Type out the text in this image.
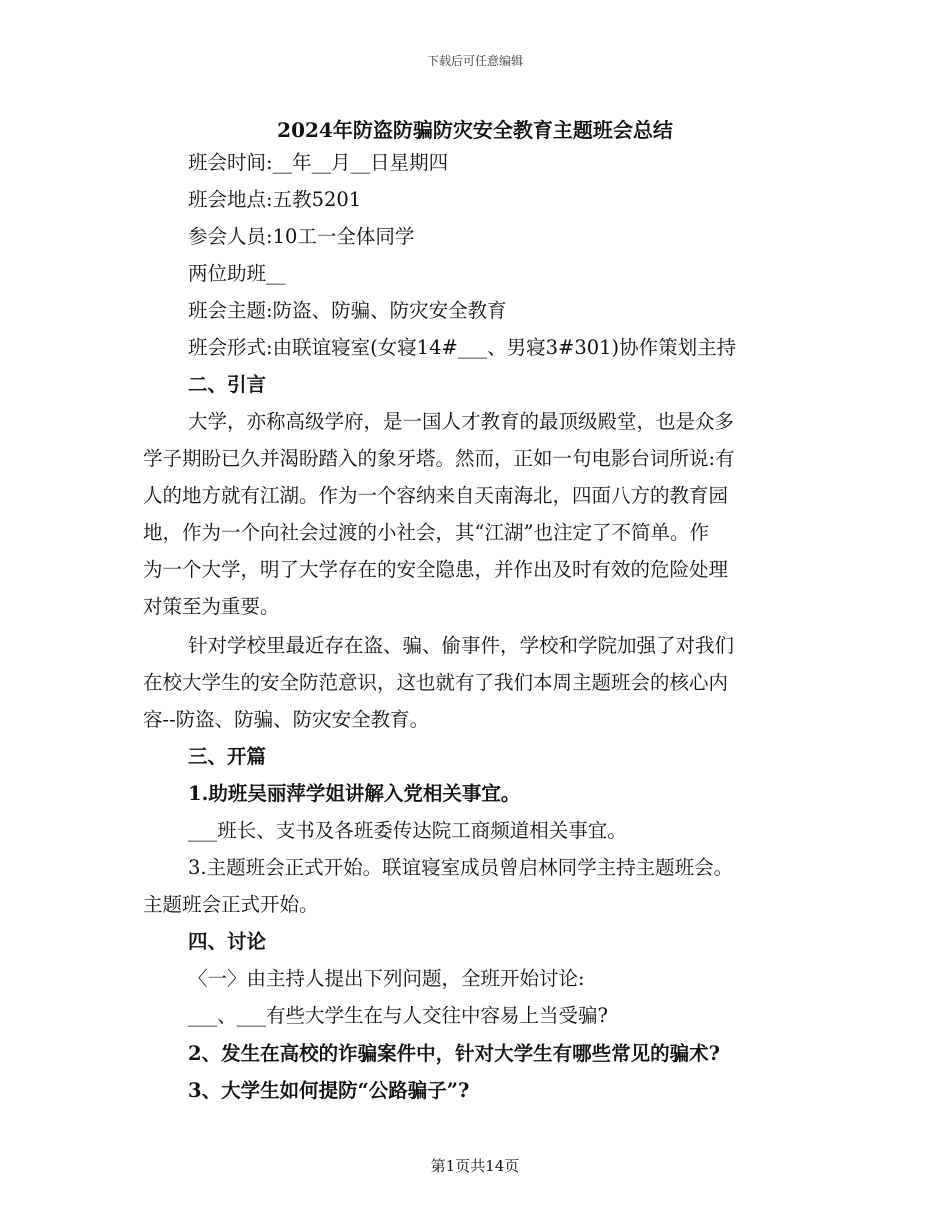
下载后可任意编辑
2024年防盗防骗防灾安全教育主题班会总结
班会时间:__年__月__日星期四
班会地点:五教5201
参会人员:10工一全体同学
两位助班__
班会主题:防盗、防骗、防灾安全教育
班会形式:由联谊寝室(女寝14#___、男寝3#301)协作策划主持
二、引言
大学，亦称高级学府，是一国人才教育的最顶级殿堂，也是众多
学子期盼已久并渴盼踏入的象牙塔。然而，正如一句电影台词所说:有
人的地方就有江湖。作为一个容纳来自天南海北，四面八方的教育园
地，作为一个向社会过渡的小社会，其“江湖”也注定了不简单。作
为一个大学，明了大学存在的安全隐患，并作出及时有效的危险处理
对策至为重要。
针对学校里最近存在盗、骗、偷事件，学校和学院加强了对我们
在校大学生的安全防范意识，这也就有了我们本周主题班会的核心内
容--防盗、防骗、防灾安全教育。
三、开篇
1.助班吴丽萍学姐讲解入党相关事宜。
___班长、支书及各班委传达院工商频道相关事宜。
3.主题班会正式开始。联谊寝室成员曾启林同学主持主题班会。
主题班会正式开始。
四、讨论
〈一〉由主持人提出下列问题，全班开始讨论:
___、___有些大学生在与人交往中容易上当受骗?
2、发生在高校的诈骗案件中，针对大学生有哪些常见的骗术?
3、大学生如何提防“公路骗子”?
第1页共14页
